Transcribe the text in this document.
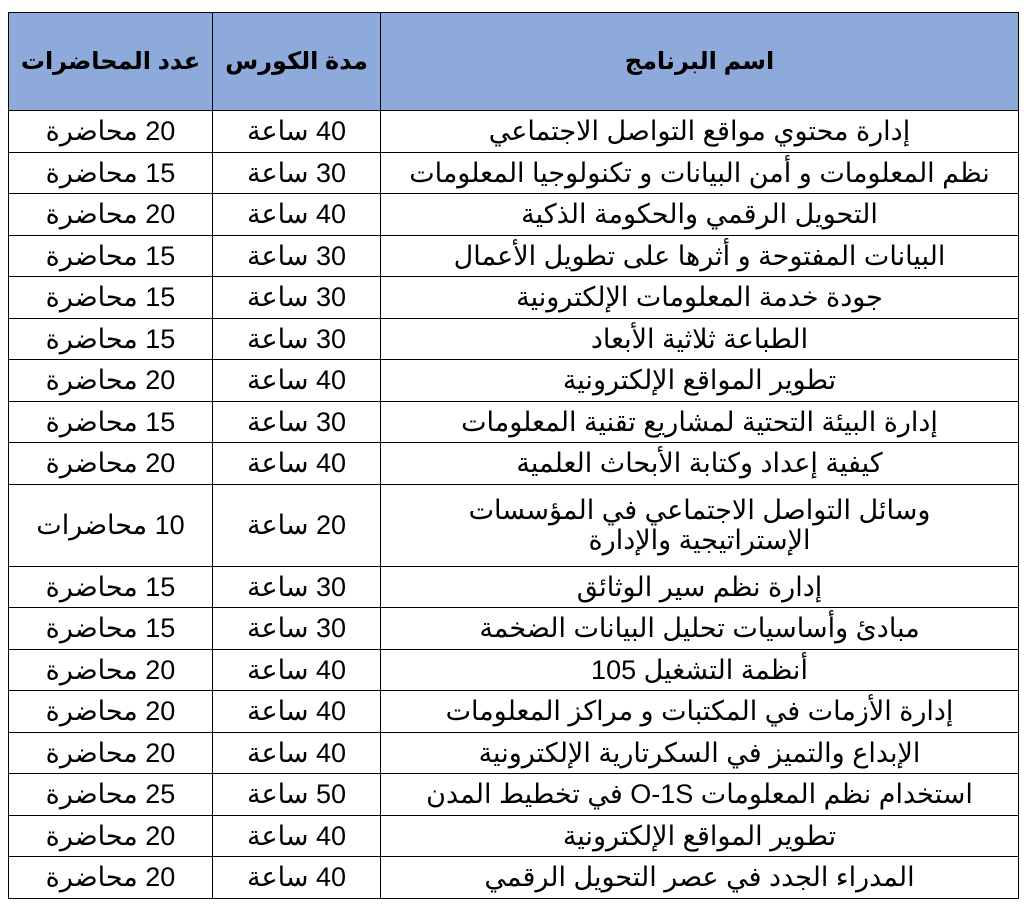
اسم البرنامج	مدة الكورس	عدد المحاضرات
إدارة محتوي مواقع التواصل الاجتماعي	40 ساعة	20 محاضرة
نظم المعلومات و أمن البيانات و تكنولوجيا المعلومات	30 ساعة	15 محاضرة
التحويل الرقمي والحكومة الذكية	40 ساعة	20 محاضرة
البيانات المفتوحة و أثرها على تطويل الأعمال	30 ساعة	15 محاضرة
جودة خدمة المعلومات الإلكترونية	30 ساعة	15 محاضرة
الطباعة ثلاثية الأبعاد	30 ساعة	15 محاضرة
تطوير المواقع الإلكترونية	40 ساعة	20 محاضرة
إدارة البيئة التحتية لمشاريع تقنية المعلومات	30 ساعة	15 محاضرة
كيفية إعداد وكتابة الأبحاث العلمية	40 ساعة	20 محاضرة
وسائل التواصل الاجتماعي في المؤسسات الإستراتيجية والإدارة	20 ساعة	10 محاضرات
إدارة نظم سير الوثائق	30 ساعة	15 محاضرة
مبادئ وأساسيات تحليل البيانات الضخمة	30 ساعة	15 محاضرة
أنظمة التشغيل 105	40 ساعة	20 محاضرة
إدارة الأزمات في المكتبات و مراكز المعلومات	40 ساعة	20 محاضرة
الإبداع والتميز في السكرتارية الإلكترونية	40 ساعة	20 محاضرة
استخدام نظم المعلومات O-1S في تخطيط المدن	50 ساعة	25 محاضرة
تطوير المواقع الإلكترونية	40 ساعة	20 محاضرة
المدراء الجدد في عصر التحويل الرقمي	40 ساعة	20 محاضرة
